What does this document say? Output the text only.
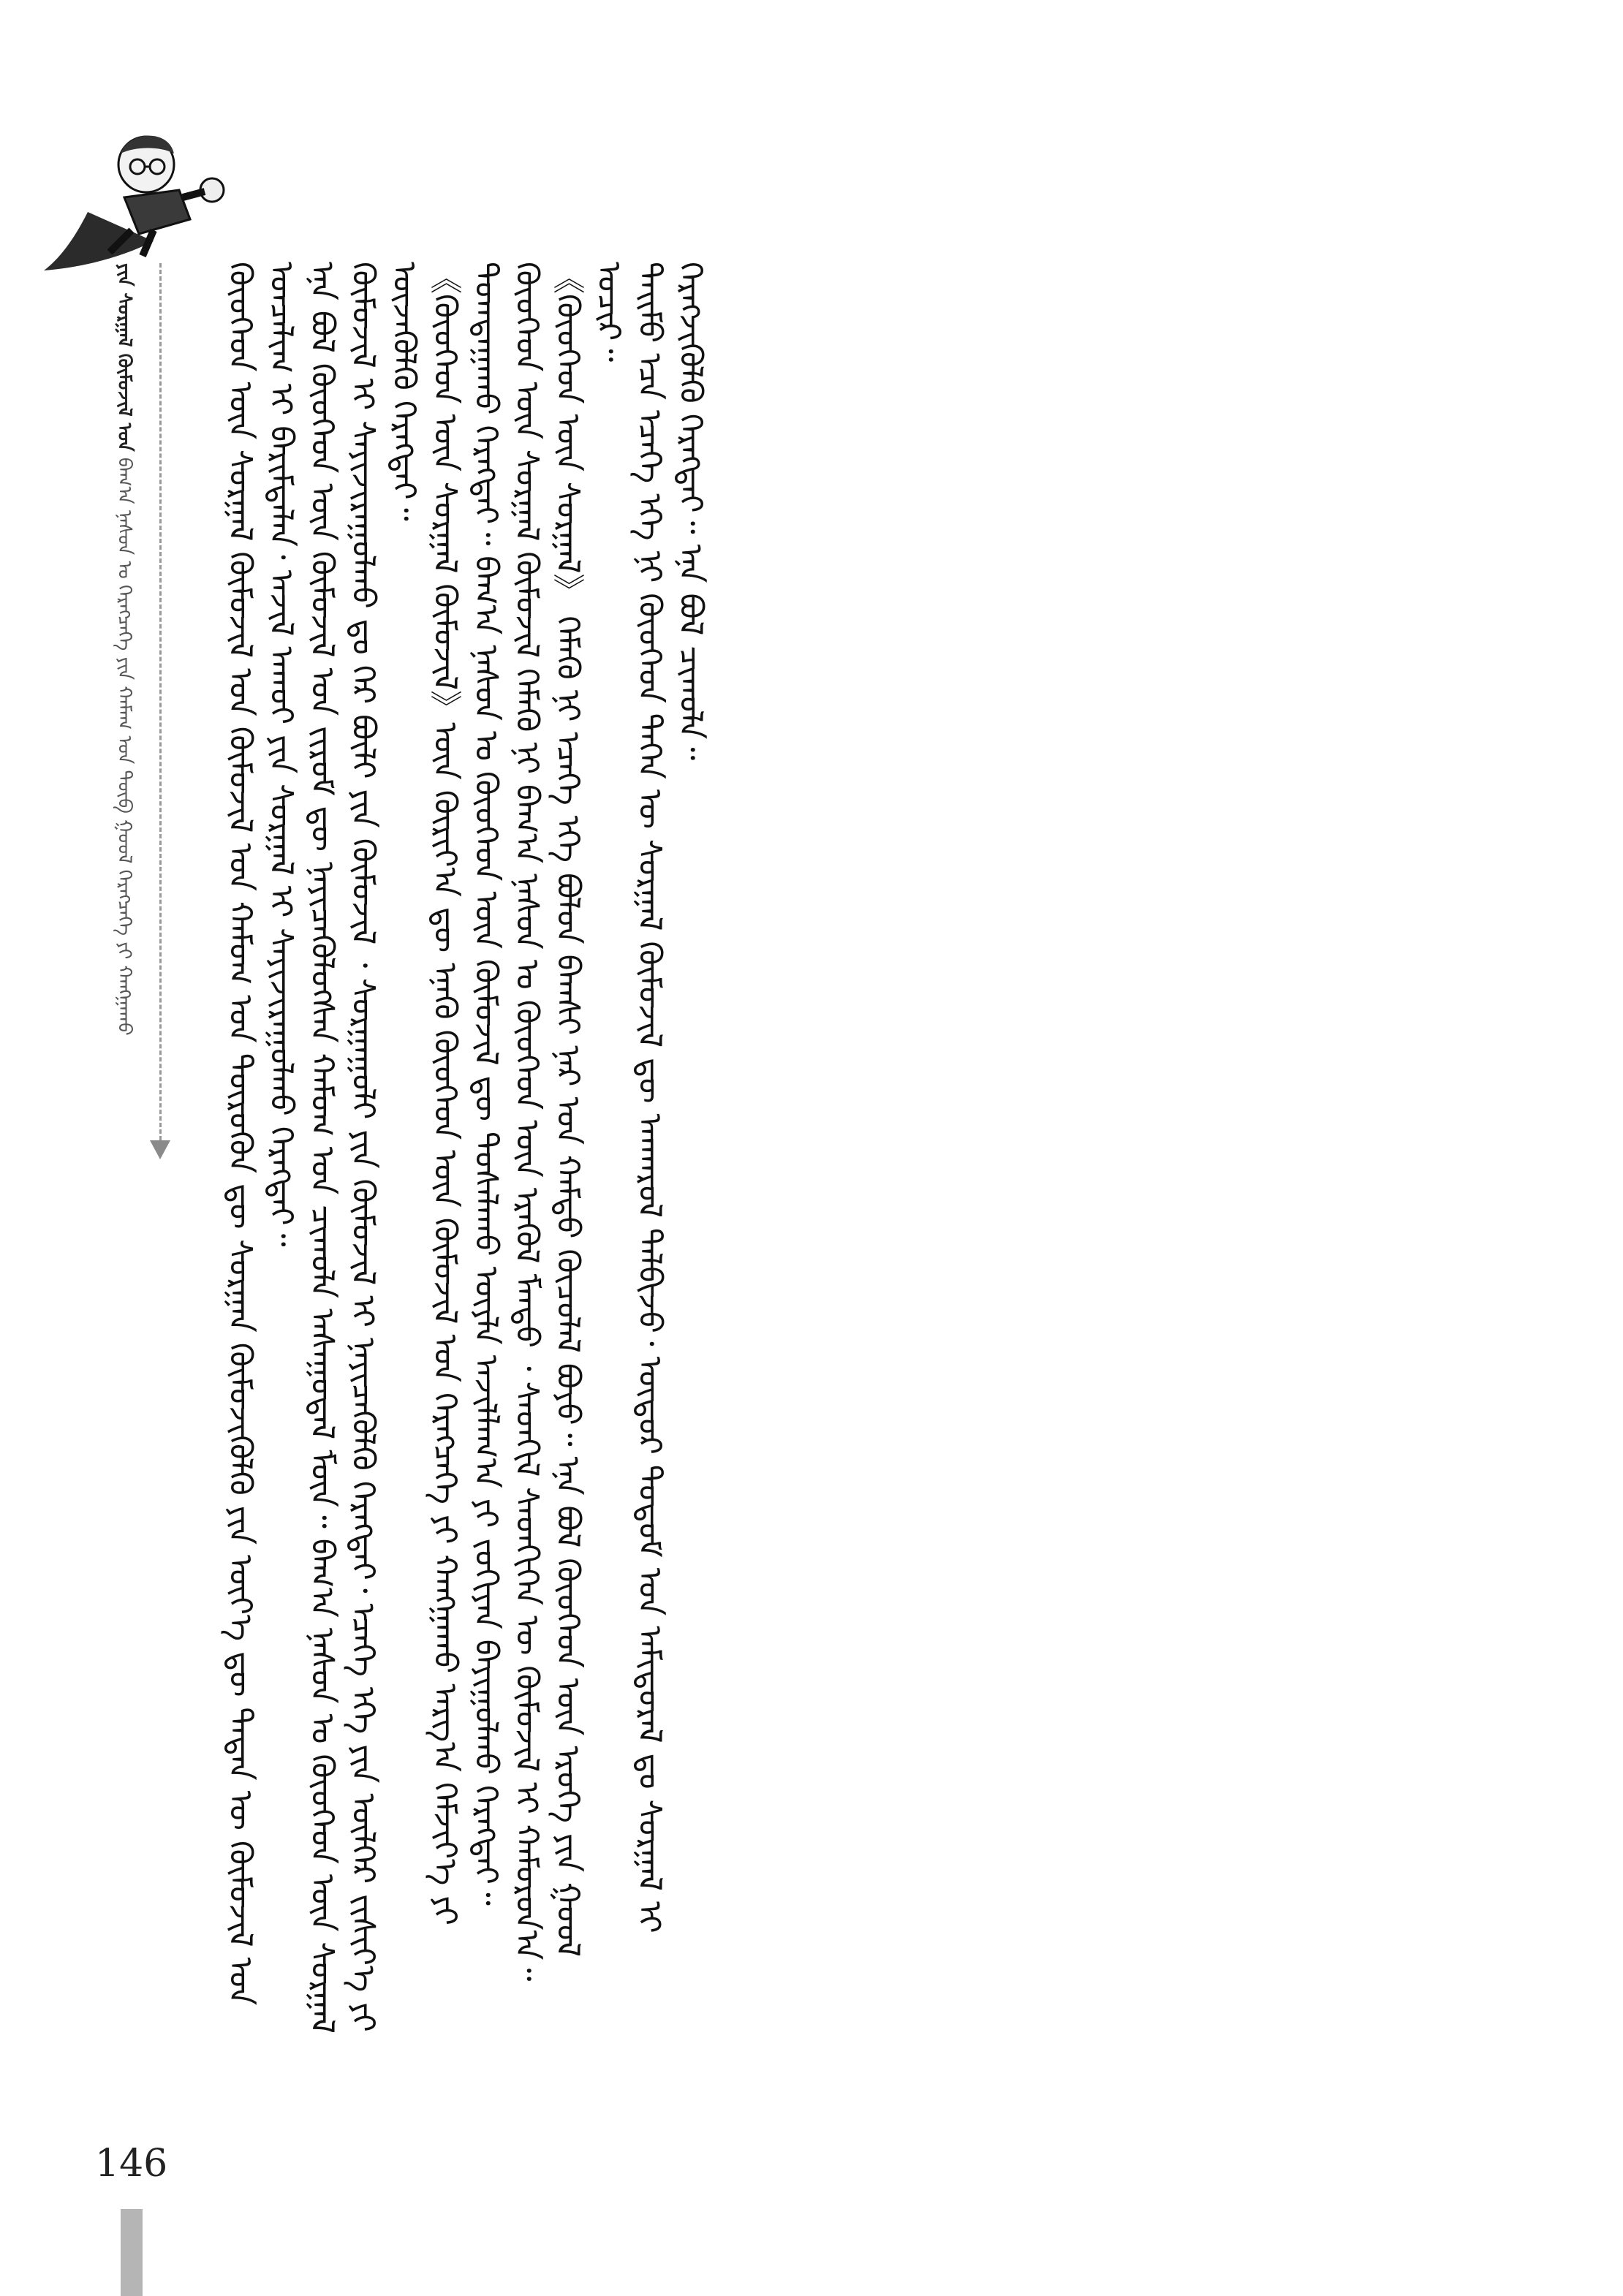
ᠶᠢᠨ ᠰᠤᠷᠭᠠᠯ ᠬᠦᠮᠦᠵᠢᠯ ᠤᠨ ᠪᠠᠭ᠎ᠠ ᠨᠠᠰᠤᠨ ᠤ ᠬᠡᠷᠡᠭᠴᠡᠭᠡ ᠶᠢᠨ ᠬᠠᠮᠠᠭ ᠤᠨ ᠲᠥᠪ ᠭᠣᠣᠯ ᠬᠡᠷᠡᠭᠴᠡᠭᠡ ᠶᠢ ᠬᠠᠩᠭᠠᠬᠤ	ᠬᠦᠦᠬᠡᠳ ᠦᠨ ᠰᠤᠷᠭᠠᠯ ᠬᠦᠮᠦᠵᠢᠯ ᠤᠨ ᠬᠦᠮᠦᠵᠢᠯ ᠤᠨ ᠬᠠᠮᠤᠭ ᠤᠨ ᠲᠦᠷᠦᠭᠦᠨ ᠳᠦ ᠰᠤᠷᠭᠠᠨ ᠬᠦᠮᠦᠵᠢᠬᠦᠯᠬᠦ ᠶᠢᠨ ᠦᠶ᠎ᠡ ᠳᠦ ᠲᠡᠳᠡᠨ ᠦ ᠬᠦᠮᠦᠵᠢᠯ ᠤᠨ ᠣᠨᠴᠠᠯᠢᠭ ᠢ ᠪᠠᠷᠢᠮᠲᠠᠯᠠᠨ᠂ ᠠᠵᠢᠯ ᠠᠬᠤᠢ ᠶᠢᠨ ᠰᠤᠷᠭᠠᠯ ᠢ ᠰᠠᠶᠢᠵᠢᠷᠠᠭᠤᠯᠬᠤ ᠬᠡᠷᠡᠭᠲᠡᠢ᠃ ᠡᠨᠡ ᠪᠣᠯ ᠬᠦᠦᠬᠡᠳ ᠦᠨ ᠬᠦᠮᠦᠵᠢᠯ ᠤᠨ ᠵᠢᠷᠤᠮ ᠳᠦ ᠨᠡᠶᠢᠴᠡᠭᠦᠯᠦᠭᠰᠡᠨ ᠬᠠᠮᠤᠭ ᠤᠨ ᠴᠢᠬᠤᠯᠠ ᠠᠰᠠᠭᠤᠳᠠᠯ ᠮᠥᠨ᠃ ᠪᠠᠭ᠎ᠠ ᠨᠠᠰᠤᠨ ᠤ ᠬᠦᠦᠬᠡᠳ ᠦᠨ ᠰᠤᠷᠭᠠᠯ ᠬᠦᠮᠦᠵᠢᠯ ᠢ ᠰᠠᠶᠢᠵᠢᠷᠠᠭᠤᠯᠬᠤ ᠳᠤ ᠭᠡᠷ ᠪᠦᠯᠢ ᠶᠢᠨ ᠬᠦᠮᠦᠵᠢᠯ ᠂ ᠰᠤᠷᠭᠠᠭᠤᠯᠢ ᠶᠢᠨ ᠬᠦᠮᠦᠵᠢᠯ ᠢ ᠨᠡᠶᠢᠴᠡᠭᠦᠯᠬᠦ ᠬᠡᠷᠡᠭᠲᠡᠢ᠂ ᠡᠴᠡᠭᠡ ᠡᠬᠡ ᠶᠢᠨ ᠦᠯᠬᠡᠷ ᠵᠢᠱᠢᠶ᠎ᠡ ᠶᠢ ᠦᠵᠡᠭᠦᠯᠬᠦ ᠬᠡᠷᠡᠭᠲᠡᠢ᠃ 《ᠬᠦᠦᠬᠡᠳ ᠦᠨ ᠰᠤᠷᠭᠠᠯ ᠬᠦᠮᠦᠵᠢᠯ》ᠦᠨ ᠬᠦᠷᠢᠶ᠎ᠡᠨ ᠳᠦ ᠡᠨᠡᠬᠦ ᠬᠦᠦᠬᠡᠳ ᠦᠨ ᠬᠦᠮᠦᠵᠢᠯ ᠤᠨ ᠬᠡᠷᠡᠭᠴᠡᠭᠡ ᠶᠢ ᠬᠠᠩᠭᠠᠬᠤ ᠠᠷᠭ᠎ᠠ ᠬᠡᠮᠵᠢᠶ᠎ᠡ ᠶᠢ ᠲᠣᠭᠲᠠᠭᠠᠬᠤ ᠬᠡᠷᠡᠭᠲᠡᠢ᠃ ᠪᠠᠭ᠎ᠠ ᠨᠠᠰᠤᠨ ᠤ ᠬᠦᠦᠬᠡᠳ ᠦᠨ ᠬᠦᠮᠦᠵᠢᠯ ᠳᠦ ᠲᠤᠰᠠᠯᠠᠬᠤ ᠦᠶᠯᠡ ᠠᠵᠢᠯᠯᠠᠭ᠎ᠠ ᠶᠢ ᠵᠣᠬᠢᠶᠠᠨ ᠪᠠᠶᠢᠭᠤᠯᠬᠤ ᠬᠡᠷᠡᠭᠲᠡᠢ᠃ ᠬᠦᠦᠬᠡᠳ ᠦᠨ ᠰᠤᠷᠭᠠᠯ ᠬᠦᠮᠦᠵᠢᠯ ᠬᠡᠮᠡᠬᠦ ᠨᠢ ᠪᠠᠭ᠎ᠠ ᠨᠠᠰᠤᠨ ᠤ ᠬᠦᠦᠬᠡᠳ ᠦᠨ ᠡᠷᠡᠭᠦᠯ ᠮᠡᠨᠳᠦ ᠂ ᠰᠡᠳᠬᠢᠯ ᠰᠡᠳᠬᠢᠭᠡᠨ ᠦ ᠬᠦᠮᠦᠵᠢᠯ ᠢ ᠬᠠᠮᠤᠷᠤᠨ᠎ᠠ᠃ 《ᠬᠦᠦᠬᠡᠳ ᠦᠨ ᠰᠤᠷᠭᠠᠯ》 ᠬᠡᠮᠡᠬᠦ ᠨᠢ ᠡᠴᠡᠭᠡ ᠡᠬᠡ ᠪᠣᠯᠤᠨ ᠪᠠᠭᠰᠢ ᠨᠠᠷ ᠤᠨ ᠬᠠᠮᠲᠤ ᠬᠦᠴᠦᠯᠡᠯ ᠪᠤᠶᠤ᠃ ᠡᠨᠡ ᠪᠣᠯ ᠬᠦᠦᠬᠡᠳ ᠦᠨ ᠡᠷᠦᠬᠡ ᠶᠢᠨ ᠭᠣᠣᠯ ᠤᠴᠢᠷ᠃ ᠲᠡᠢᠮᠦ ᠡᠴᠡ ᠡᠴᠡᠭᠡ ᠡᠬᠡ ᠨᠢ ᠬᠦᠦᠬᠡᠳ ᠲᠡᠭᠡᠨ ᠦ ᠰᠤᠷᠭᠠᠯ ᠬᠦᠮᠦᠵᠢᠯ ᠳᠦ ᠠᠨᠬᠠᠷᠤᠯ ᠲᠠᠯᠪᠢᠵᠤ᠂ ᠥᠳᠥᠷ ᠲᠤᠲᠤᠮ ᠤᠨ ᠠᠮᠢᠳᠤᠷᠠᠯ ᠳᠤ ᠰᠤᠷᠭᠠᠯ ᠢ ᠬᠡᠷᠡᠭᠵᠢᠭᠦᠯᠬᠦ ᠬᠡᠷᠡᠭᠲᠡᠢ᠃ ᠡᠨᠡ ᠪᠣᠯ ᠴᠢᠬᠤᠯᠠ᠃

146
